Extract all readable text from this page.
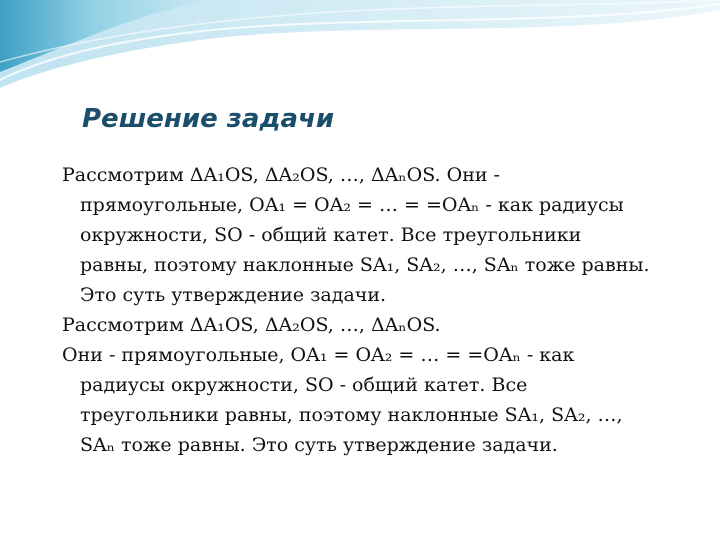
Решение задачи
Рассмотрим ΔA₁OS, ΔA₂OS, …, ΔAₙOS. Они -
прямоугольные, OA₁ = OA₂ = … = =OAₙ - как радиусы
окружности, SO - общий катет. Все треугольники
равны, поэтому наклонные SA₁, SA₂, …, SAₙ тоже равны.
Это суть утверждение задачи.
Рассмотрим ΔA₁OS, ΔA₂OS, …, ΔAₙOS.
Они - прямоугольные, OA₁ = OA₂ = … = =OAₙ - как
радиусы окружности, SO - общий катет. Все
треугольники равны, поэтому наклонные SA₁, SA₂, …,
SAₙ тоже равны. Это суть утверждение задачи.
